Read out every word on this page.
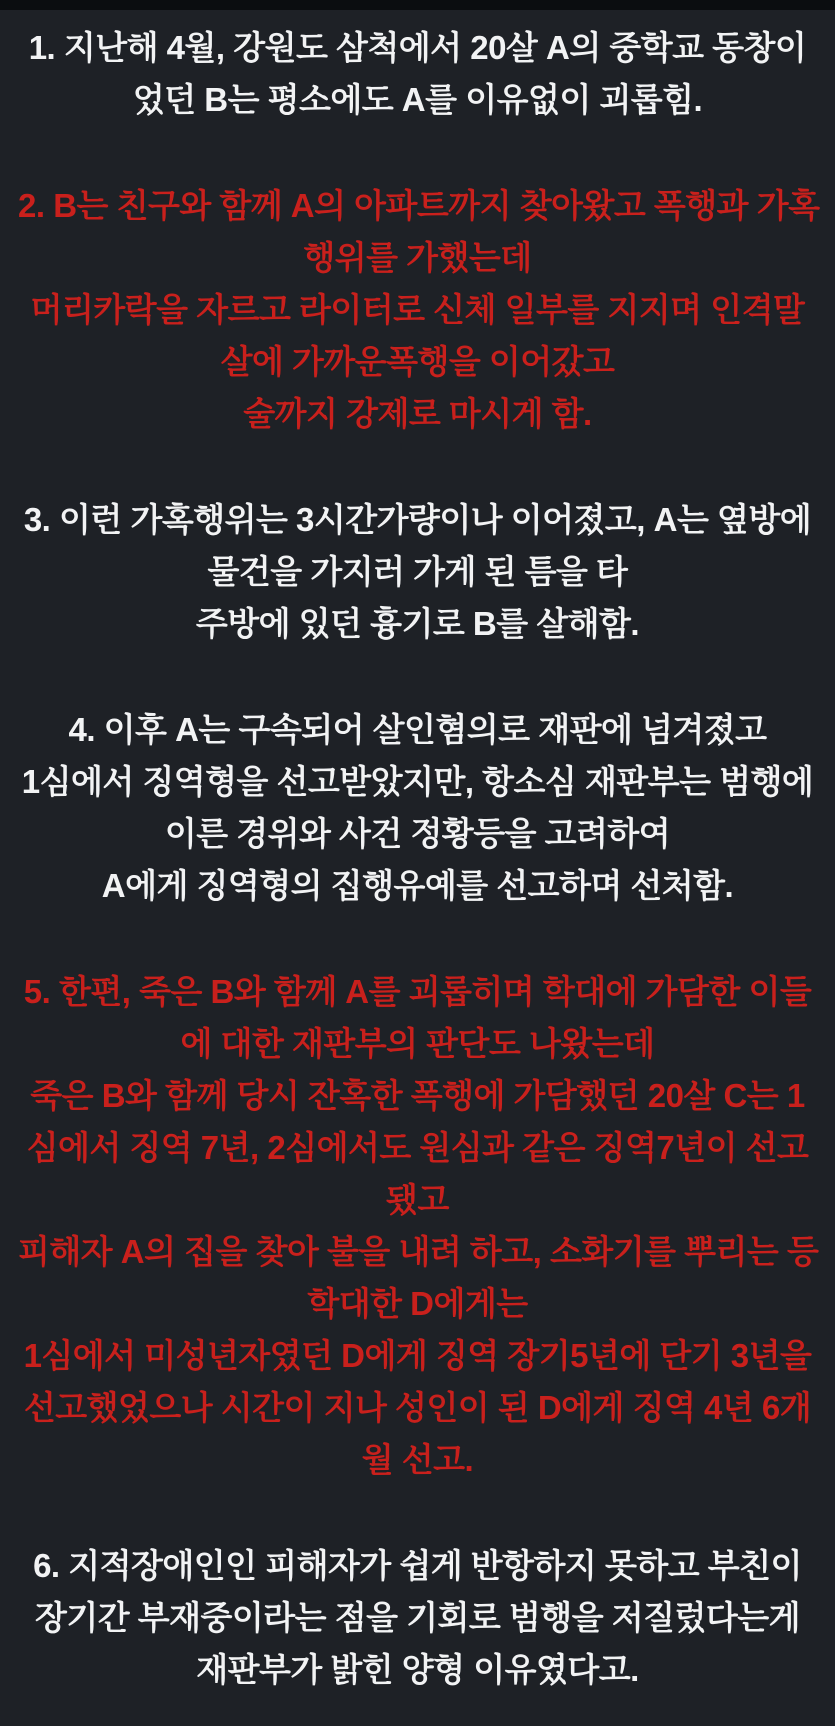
1. 지난해 4월, 강원도 삼척에서 20살 A의 중학교 동창이
었던 B는 평소에도 A를 이유없이 괴롭힘.
2. B는 친구와 함께 A의 아파트까지 찾아왔고 폭행과 가혹
행위를 가했는데
머리카락을 자르고 라이터로 신체 일부를 지지며 인격말
살에 가까운폭행을 이어갔고
술까지 강제로 마시게 함.
3. 이런 가혹행위는 3시간가량이나 이어졌고, A는 옆방에
물건을 가지러 가게 된 틈을 타
주방에 있던 흉기로 B를 살해함.
4. 이후 A는 구속되어 살인혐의로 재판에 넘겨졌고
1심에서 징역형을 선고받았지만, 항소심 재판부는 범행에
이른 경위와 사건 정황등을 고려하여
A에게 징역형의 집행유예를 선고하며 선처함.
5. 한편, 죽은 B와 함께 A를 괴롭히며 학대에 가담한 이들
에 대한 재판부의 판단도 나왔는데
죽은 B와 함께 당시 잔혹한 폭행에 가담했던 20살 C는 1
심에서 징역 7년, 2심에서도 원심과 같은 징역7년이 선고
됐고
피해자 A의 집을 찾아 불을 내려 하고, 소화기를 뿌리는 등
학대한 D에게는
1심에서 미성년자였던 D에게 징역 장기5년에 단기 3년을
선고했었으나 시간이 지나 성인이 된 D에게 징역 4년 6개
월 선고.
6. 지적장애인인 피해자가 쉽게 반항하지 못하고 부친이
장기간 부재중이라는 점을 기회로 범행을 저질렀다는게
재판부가 밝힌 양형 이유였다고.
